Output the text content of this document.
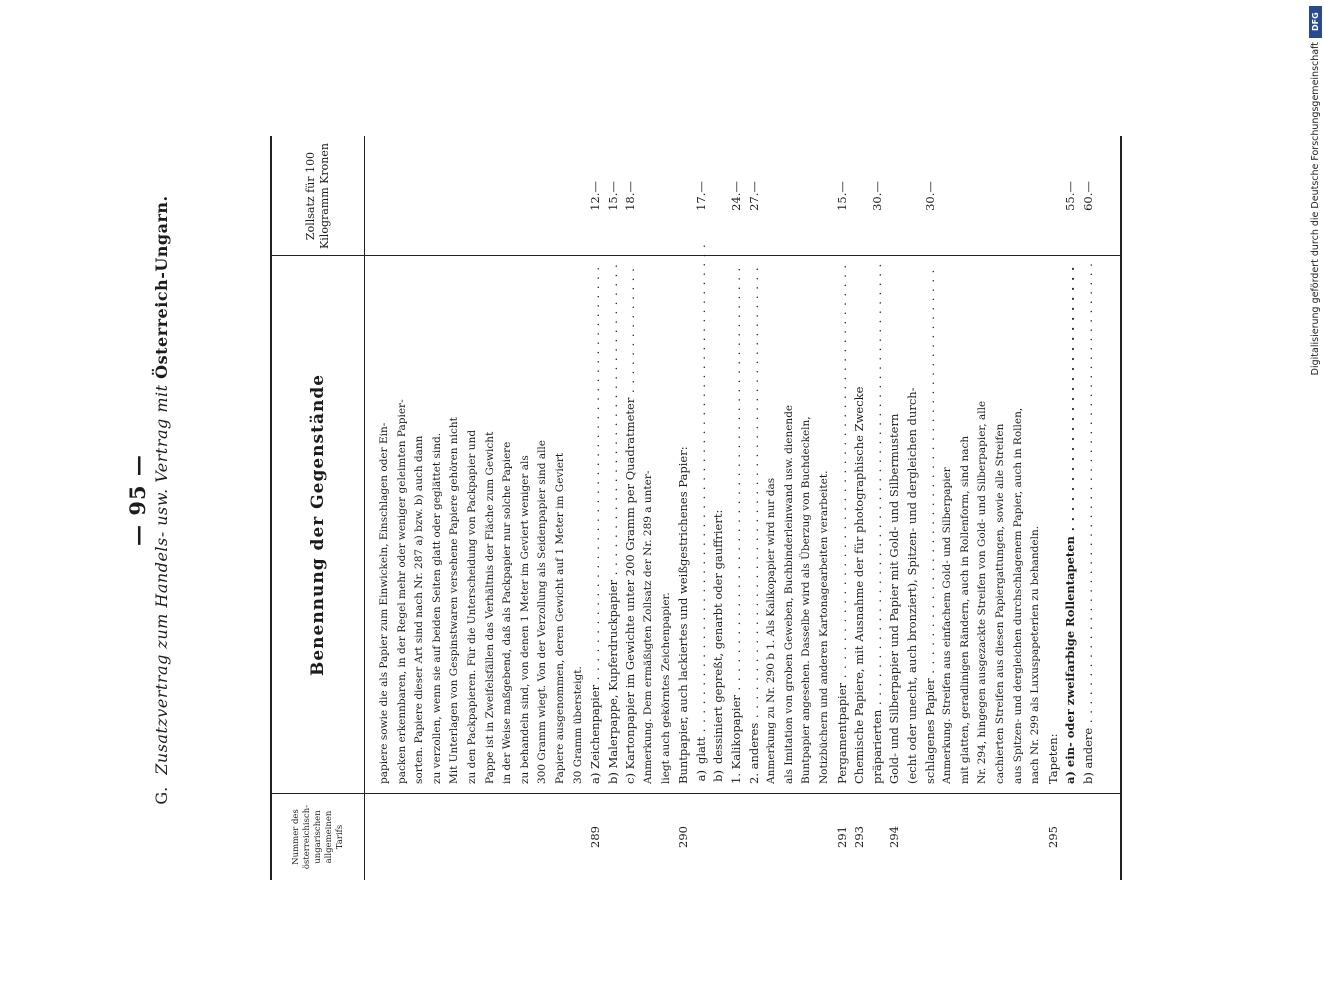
— 95 —
G. Zusatzvertrag zum Handels- usw. Vertrag mit Österreich-Ungarn.
Nummer des österreichisch-ungarischen allgemeinen Tarifs
Benennung der Gegenstände
Zollsatz für 100 Kilogramm Kronen
papiere sowie die als Papier zum Einwickeln, Einschlagen oder Ein- packen erkennbaren, in der Regel mehr oder weniger geleimten Papier- sorten. Papiere dieser Art sind nach Nr. 287 a) bzw. b) auch dann zu verzollen, wenn sie auf beiden Seiten glatt oder geglättet sind. Mit Unterlagen von Gespinstwaren versehene Papiere gehören nicht zu den Packpapieren. Für die Unterscheidung von Packpapier und Pappe ist in Zweifelsfällen das Verhältnis der Fläche zum Gewicht in der Weise maßgebend, daß als Packpapier nur solche Papiere zu behandeln sind, von denen 1 Meter im Geviert weniger als 300 Gramm wiegt. Von der Verzollung als Seidenpapier sind alle Papiere ausgenommen, deren Gewicht auf 1 Meter im Geviert 30 Gramm übersteigt.
289
a) Zeichenpapier . . .
12.—
b) Malerpappe, Kupferdruckpapier . . .
15.—
c) Kartonpapier im Gewichte unter 200 Gramm per Quadratmeter . . .
18.—
Anmerkung. Dem ermäßigten Zollsatz der Nr. 289 a unter- liegt auch gekörntes Zeichenpapier.
290
Buntpapier, auch lackiertes und weißgestrichenes Papier: a)
glatt . . .
17.—
b)
dessiniert gepreßt, genarbt oder gauffriert: 1. Kalikopapier . . .
24.—
2. anderes . . .
27.—
Anmerkung zu Nr. 290 b 1. Als Kalikopapier wird nur das als Imitation von groben Geweben, Buchbinderleinwand usw. dienende Buntpapier angesehen. Dasselbe wird als Überzug von Buchdeckeln, Notizbüchern und anderen Kartonagearbeiten verarbeitet.
291
Pergamentpapier . . .
15.—
293
Chemische Papiere, mit Ausnahme der für photographische Zwecke präparierten . . .
30.—
294
Gold- und Silberpapier und Papier mit Gold- und Silbermustern (echt oder unecht, auch bronziert), Spitzen- und dergleichen durch- schlagenes Papier . . .
30.—
Anmerkung. Streifen aus einfachem Gold- und Silberpapier mit glatten, geradlinigen Rändern, auch in Rollenform, sind nach Nr. 294, hingegen ausgezackte Streifen von Gold- und Silberpapier, alle cachierten Streifen aus diesen Papiergattungen, sowie alle Streifen aus Spitzen- und dergleichen durchschlagenem Papier, auch in Rollen, nach Nr. 299 als Luxuspapeterien zu behandeln.
295
Tapeten: a) ein- oder zweifarbige Rollentapeten . . .
55.—
b) andere . . .
60.—
DFG
Digitalisierung gefördert durch die Deutsche Forschungsgemeinschaft
